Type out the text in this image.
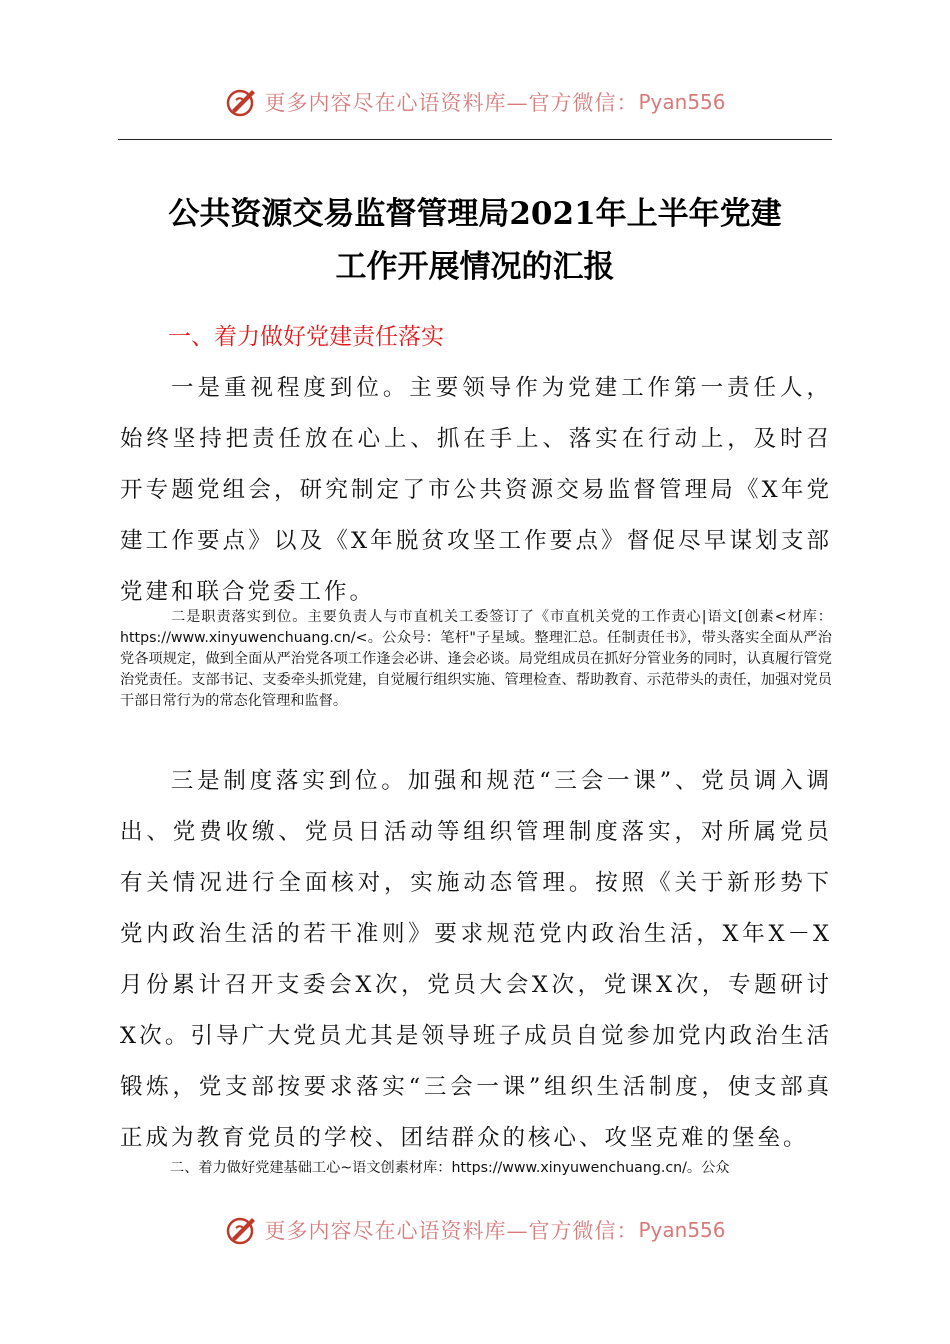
更多内容尽在心语资料库—官方微信： Pyan556
公共资源交易监督管理局2021年上半年党建
工作开展情况的汇报
一、着力做好党建责任落实
一是重视程度到位。主要领导作为党建工作第一责任人，始终坚持把责任放在心上、抓在手上、落实在行动上，及时召开专题党组会，研究制定了市公共资源交易监督管理局《X年党建工作要点》以及《X年脱贫攻坚工作要点》督促尽早谋划支部党建和联合党委工作。
二是职责落实到位。主要负责人与市直机关工委签订了《市直机关党的工作责心|语文[创素<材库：https://www.xinyuwenchuang.cn/<。公众号：笔杆"子星域。整理汇总。任制责任书》，带头落实全面从严治党各项规定，做到全面从严治党各项工作逢会必讲、逢会必谈。局党组成员在抓好分管业务的同时，认真履行管党治党责任。支部书记、支委牵头抓党建，自觉履行组织实施、管理检查、帮助教育、示范带头的责任，加强对党员干部日常行为的常态化管理和监督。
三是制度落实到位。加强和规范“三会一课”、党员调入调出、党费收缴、党员日活动等组织管理制度落实，对所属党员有关情况进行全面核对，实施动态管理。按照《关于新形势下党内政治生活的若干准则》要求规范党内政治生活，X年X－X月份累计召开支委会X次，党员大会X次，党课X次，专题研讨X次。引导广大党员尤其是领导班子成员自觉参加党内政治生活锻炼，党支部按要求落实“三会一课”组织生活制度，使支部真正成为教育党员的学校、团结群众的核心、攻坚克难的堡垒。
二、着力做好党建基础工心~语文创素材库：https://www.xinyuwenchuang.cn/。公众
更多内容尽在心语资料库—官方微信： Pyan556
